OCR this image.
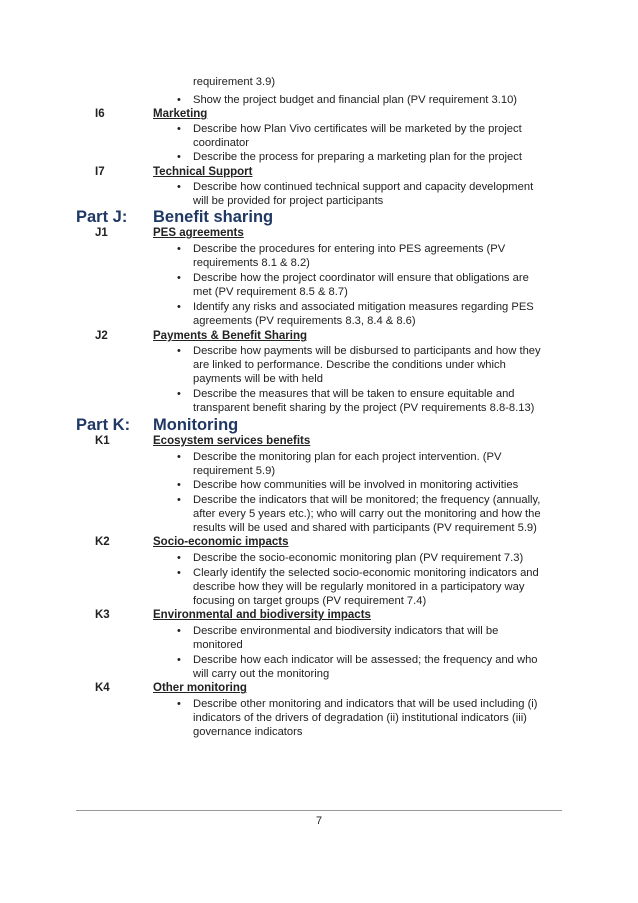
requirement 3.9)
• Show the project budget and financial plan (PV requirement 3.10)
I6	Marketing
• Describe how Plan Vivo certificates will be marketed by the project
coordinator
• Describe the process for preparing a marketing plan for the project
I7	Technical Support
• Describe how continued technical support and capacity development
will be provided for project participants
Part J: Benefit sharing
J1	PES agreements
• Describe the procedures for entering into PES agreements (PV
requirements 8.1 & 8.2)
• Describe how the project coordinator will ensure that obligations are
met (PV requirement 8.5 & 8.7)
• Identify any risks and associated mitigation measures regarding PES
agreements (PV requirements 8.3, 8.4 & 8.6)
J2	Payments & Benefit Sharing
• Describe how payments will be disbursed to participants and how they
are linked to performance. Describe the conditions under which
payments will be with held
• Describe the measures that will be taken to ensure equitable and
transparent benefit sharing by the project (PV requirements 8.8-8.13)
Part K: Monitoring
K1	Ecosystem services benefits
• Describe the monitoring plan for each project intervention. (PV
requirement 5.9)
• Describe how communities will be involved in monitoring activities
• Describe the indicators that will be monitored; the frequency (annually,
after every 5 years etc.); who will carry out the monitoring and how the
results will be used and shared with participants (PV requirement 5.9)
K2	Socio-economic impacts
• Describe the socio-economic monitoring plan (PV requirement 7.3)
• Clearly identify the selected socio-economic monitoring indicators and
describe how they will be regularly monitored in a participatory way
focusing on target groups (PV requirement 7.4)
K3	Environmental and biodiversity impacts
• Describe environmental and biodiversity indicators that will be
monitored
• Describe how each indicator will be assessed; the frequency and who
will carry out the monitoring
K4	Other monitoring
• Describe other monitoring and indicators that will be used including (i)
indicators of the drivers of degradation (ii) institutional indicators (iii)
governance indicators
7
